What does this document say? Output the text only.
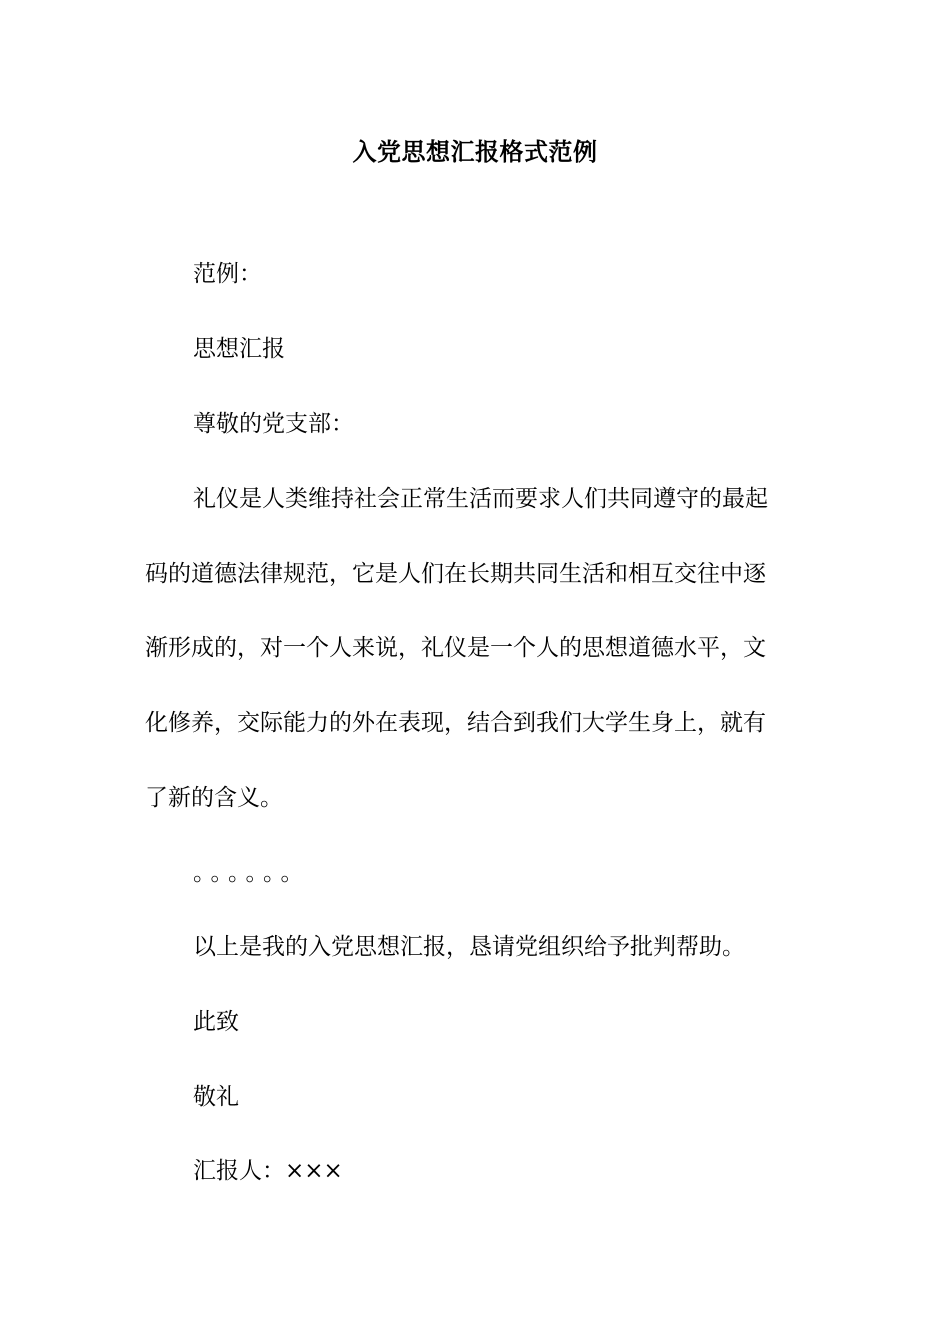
入党思想汇报格式范例

范例：

思想汇报

尊敬的党支部：

礼仪是人类维持社会正常生活而要求人们共同遵守的最起
码的道德法律规范，它是人们在长期共同生活和相互交往中逐
渐形成的，对一个人来说，礼仪是一个人的思想道德水平，文
化修养，交际能力的外在表现，结合到我们大学生身上，就有
了新的含义。

。。。。。。

以上是我的入党思想汇报，恳请党组织给予批判帮助。

此致

敬礼

汇报人：×××
